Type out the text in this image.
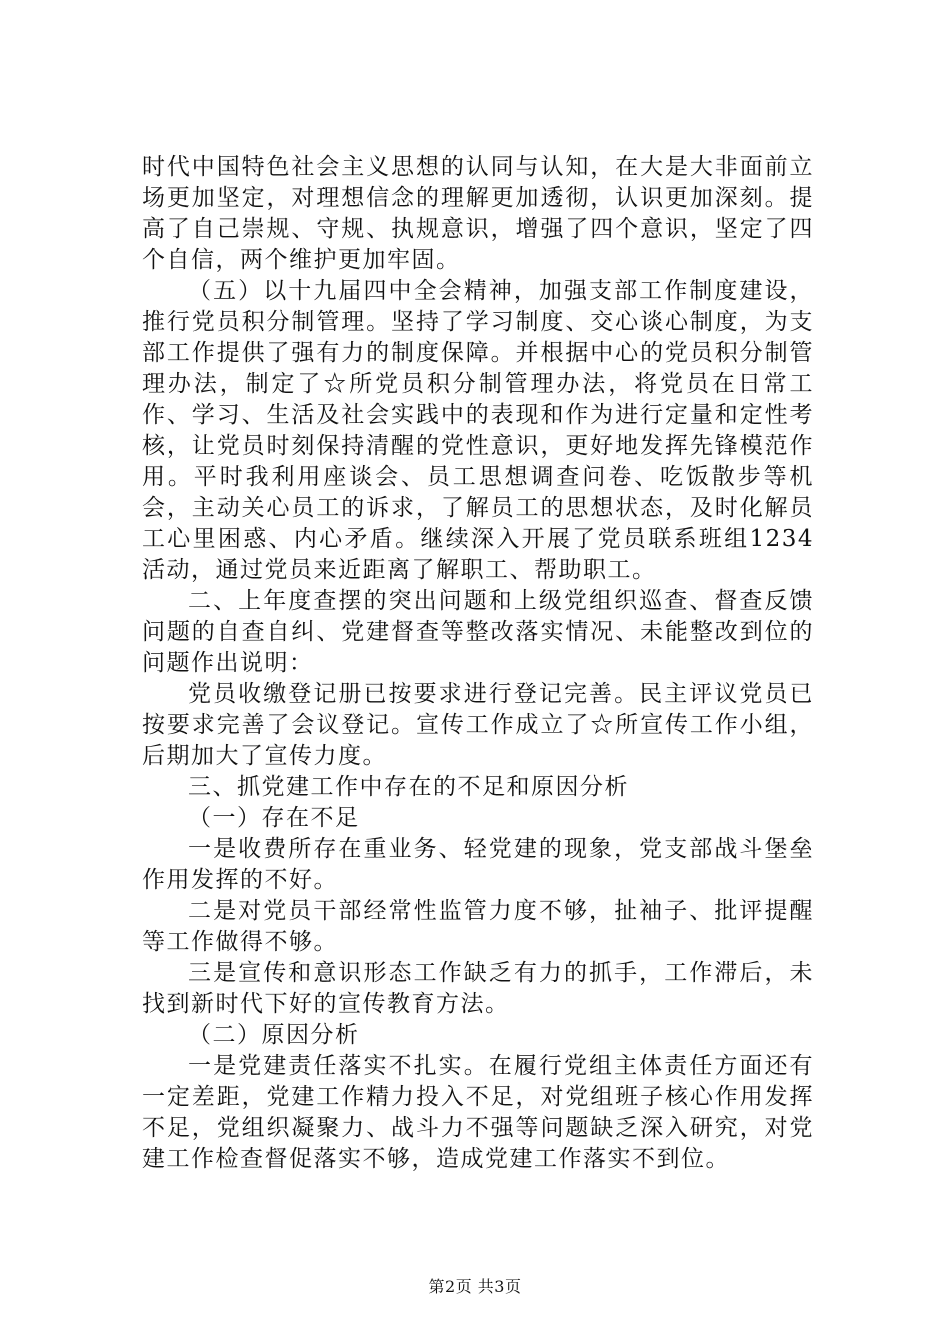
时代中国特色社会主义思想的认同与认知，在大是大非面前立场更加坚定，对理想信念的理解更加透彻，认识更加深刻。提高了自己崇规、守规、执规意识，增强了四个意识，坚定了四个自信，两个维护更加牢固。

（五）以十九届四中全会精神，加强支部工作制度建设，推行党员积分制管理。坚持了学习制度、交心谈心制度，为支部工作提供了强有力的制度保障。并根据中心的党员积分制管理办法，制定了☆所党员积分制管理办法，将党员在日常工作、学习、生活及社会实践中的表现和作为进行定量和定性考核，让党员时刻保持清醒的党性意识，更好地发挥先锋模范作用。平时我利用座谈会、员工思想调查问卷、吃饭散步等机会，主动关心员工的诉求，了解员工的思想状态，及时化解员工心里困惑、内心矛盾。继续深入开展了党员联系班组1234活动，通过党员来近距离了解职工、帮助职工。

二、上年度查摆的突出问题和上级党组织巡查、督查反馈问题的自查自纠、党建督查等整改落实情况、未能整改到位的问题作出说明：

党员收缴登记册已按要求进行登记完善。民主评议党员已按要求完善了会议登记。宣传工作成立了☆所宣传工作小组，后期加大了宣传力度。

三、抓党建工作中存在的不足和原因分析

（一）存在不足

一是收费所存在重业务、轻党建的现象，党支部战斗堡垒作用发挥的不好。

二是对党员干部经常性监管力度不够，扯袖子、批评提醒等工作做得不够。

三是宣传和意识形态工作缺乏有力的抓手，工作滞后，未找到新时代下好的宣传教育方法。

（二）原因分析

一是党建责任落实不扎实。在履行党组主体责任方面还有一定差距，党建工作精力投入不足，对党组班子核心作用发挥不足，党组织凝聚力、战斗力不强等问题缺乏深入研究，对党建工作检查督促落实不够，造成党建工作落实不到位。

第2页 共3页
